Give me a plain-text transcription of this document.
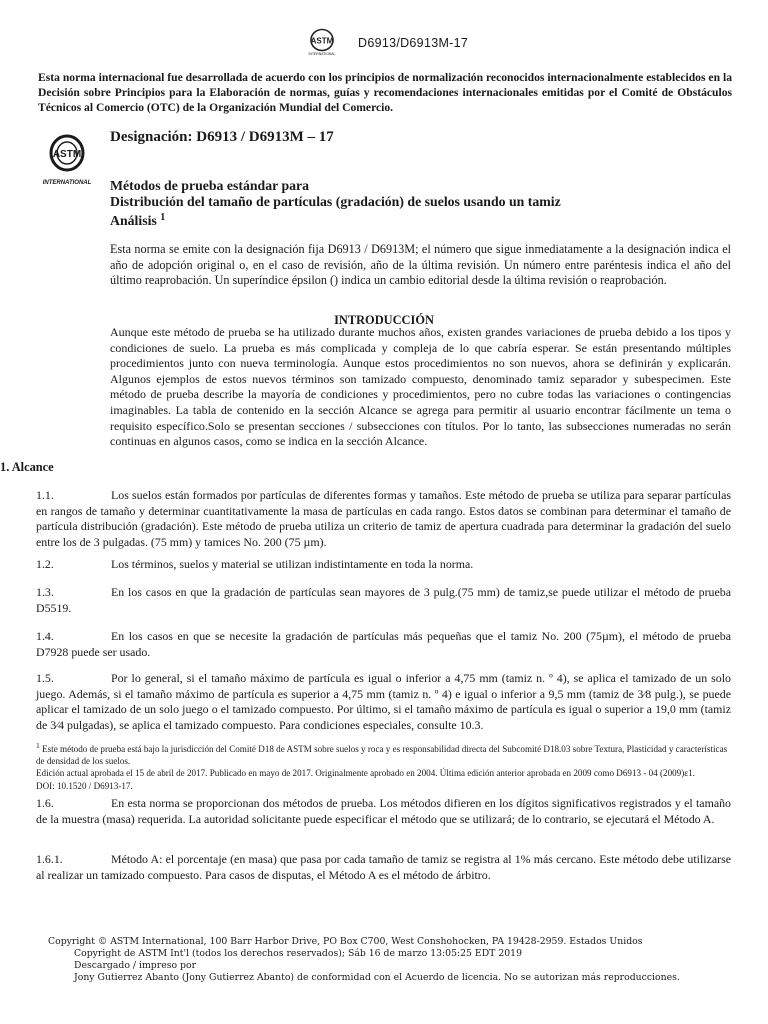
ASTM
INTERNATIONAL
D6913/D6913M-17
Esta norma internacional fue desarrollada de acuerdo con los principios de normalización reconocidos internacionalmente establecidos en la Decisión sobre Principios para la Elaboración de normas, guías y recomendaciones internacionales emitidas por el Comité de Obstáculos Técnicos al Comercio (OTC) de la Organización Mundial del Comercio.
ASTM
INTERNATIONAL
Designación: D6913 / D6913M – 17
Métodos de prueba estándar para
Distribución del tamaño de partículas (gradación) de suelos usando un tamiz
Análisis $^1$
Esta norma se emite con la designación fija D6913 / D6913M; el número que sigue inmediatamente a la designación indica el año de adopción original o, en el caso de revisión, año de la última revisión. Un número entre paréntesis indica el año del último reaprobación. Un superíndice épsilon () indica un cambio editorial desde la última revisión o reaprobación.
INTRODUCCIÓN
Aunque este método de prueba se ha utilizado durante muchos años, existen grandes variaciones de prueba debido a los tipos y condiciones de suelo. La prueba es más complicada y compleja de lo que cabría esperar. Se están presentando múltiples procedimientos junto con nueva terminología. Aunque estos procedimientos no son nuevos, ahora se definirán y explicarán. Algunos ejemplos de estos nuevos términos son tamizado compuesto, denominado tamiz separador y subespecimen. Este método de prueba describe la mayoría de condiciones y procedimientos, pero no cubre todas las variaciones o contingencias imaginables. La tabla de contenido en la sección Alcance se agrega para permitir al usuario encontrar fácilmente un tema o requisito específico.Solo se presentan secciones / subsecciones con títulos. Por lo tanto, las subsecciones numeradas no serán continuas en algunos casos, como se indica en la sección Alcance.
1. Alcance
1.1.	Los suelos están formados por partículas de diferentes formas y tamaños. Este método de prueba se utiliza para separar partículas en rangos de tamaño y determinar cuantitativamente la masa de partículas en cada rango. Estos datos se combinan para determinar el tamaño de partícula distribución (gradación). Este método de prueba utiliza un criterio de tamiz de apertura cuadrada para determinar la gradación del suelo entre los de 3 pulgadas. (75 mm) y tamices No. 200 (75 µm).
1.2.	Los términos, suelos y material se utilizan indistintamente en toda la norma.
1.3.	En los casos en que la gradación de partículas sean mayores de 3 pulg.(75 mm) de tamiz,se puede utilizar el método de prueba D5519.
1.4.	En los casos en que se necesite la gradación de partículas más pequeñas que el tamiz No. 200 (75µm), el método de prueba D7928 puede ser usado.
1.5.	Por lo general, si el tamaño máximo de partícula es igual o inferior a 4,75 mm (tamiz n. º 4), se aplica el tamizado de un solo juego. Además, si el tamaño máximo de partícula es superior a 4,75 mm (tamiz n. º 4) e igual o inferior a 9,5 mm (tamiz de 3⁄8 pulg.), se puede aplicar el tamizado de un solo juego o el tamizado compuesto. Por último, si el tamaño máximo de partícula es igual o superior a 19,0 mm (tamiz de 3⁄4 pulgadas), se aplica el tamizado compuesto. Para condiciones especiales, consulte 10.3.
$^1$ Este método de prueba está bajo la jurisdicción del Comité D18 de ASTM sobre suelos y roca y es responsabilidad directa del Subcomité D18.03 sobre Textura, Plasticidad y características de densidad de los suelos.
Edición actual aprobada el 15 de abril de 2017. Publicado en mayo de 2017. Originalmente aprobado en 2004. Última edición anterior aprobada en 2009 como D6913 - 04 (2009)ε1.
DOI: 10.1520 / D6913-17.
1.6.	En esta norma se proporcionan dos métodos de prueba. Los métodos difieren en los dígitos significativos registrados y el tamaño de la muestra (masa) requerida. La autoridad solicitante puede especificar el método que se utilizará; de lo contrario, se ejecutará el Método A.
1.6.1.	Método A: el porcentaje (en masa) que pasa por cada tamaño de tamiz se registra al 1% más cercano. Este método debe utilizarse al realizar un tamizado compuesto. Para casos de disputas, el Método A es el método de árbitro.
Copyright © ASTM International, 100 Barr Harbor Drive, PO Box C700, West Conshohocken, PA 19428-2959. Estados Unidos
Copyright de ASTM Int'l (todos los derechos reservados); Sáb 16 de marzo 13:05:25 EDT 2019
Descargado / impreso por
Jony Gutierrez Abanto (Jony Gutierrez Abanto) de conformidad con el Acuerdo de licencia. No se autorizan más reproducciones.
